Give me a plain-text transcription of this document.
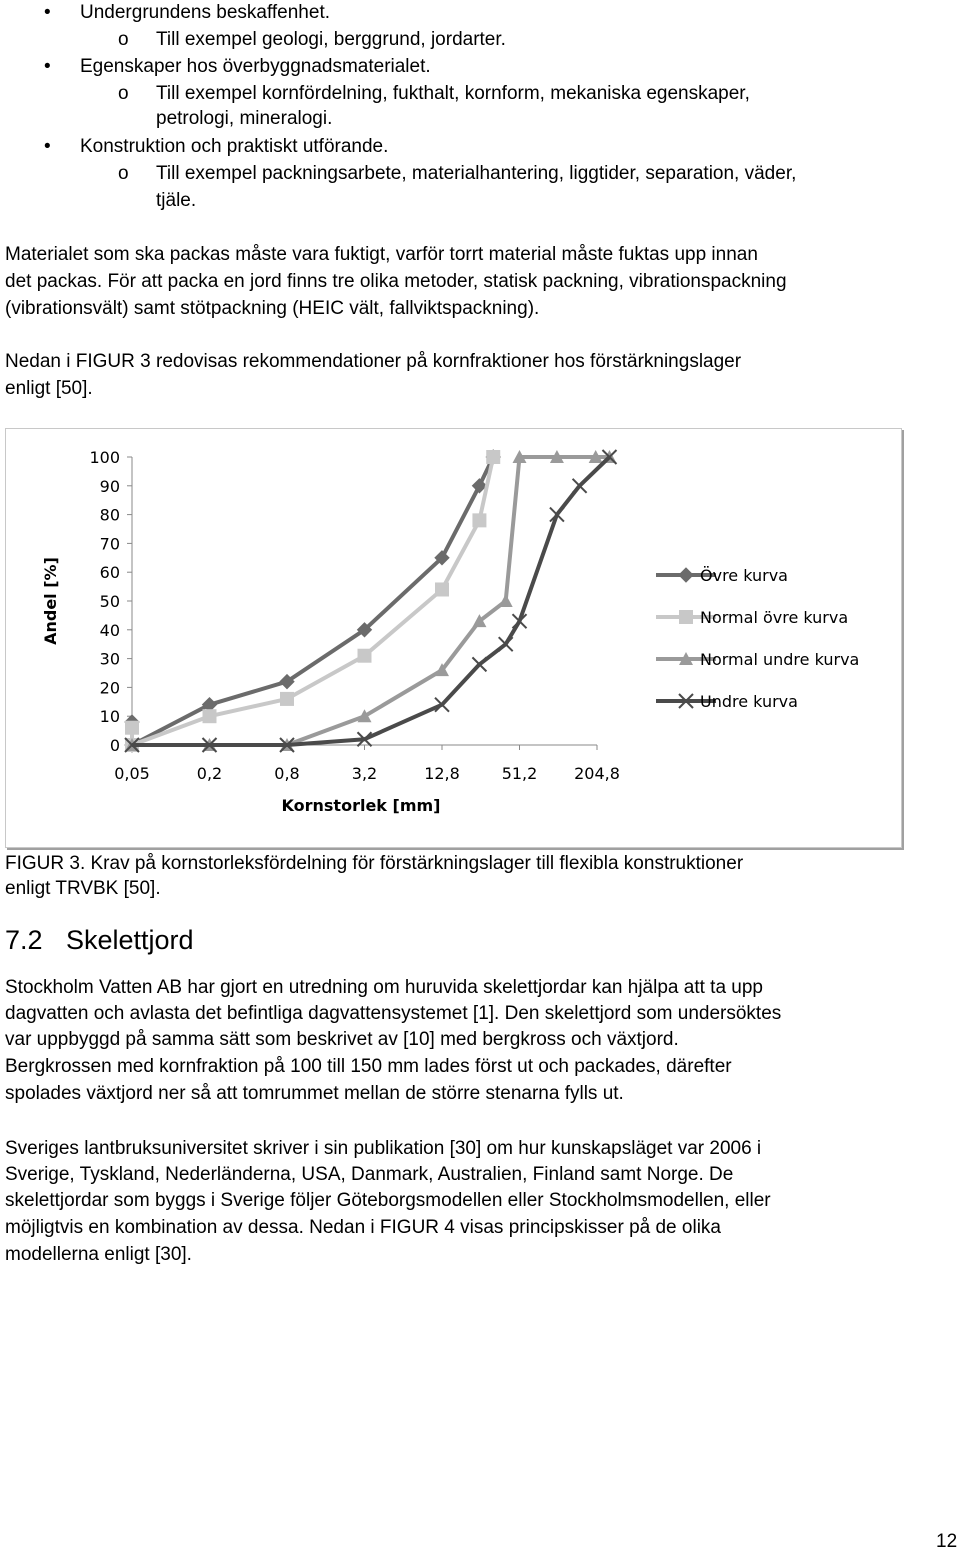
• Undergrundens beskaffenhet.
o Till exempel geologi, berggrund, jordarter.
• Egenskaper hos överbyggnadsmaterialet.
o Till exempel kornfördelning, fukthalt, kornform, mekaniska egenskaper,
petrologi, mineralogi.
• Konstruktion och praktiskt utförande.
o Till exempel packningsarbete, materialhantering, liggtider, separation, väder,
tjäle.
Materialet som ska packas måste vara fuktigt, varför torrt material måste fuktas upp innan
det packas. För att packa en jord finns tre olika metoder, statisk packning, vibrationspackning
(vibrationsvält) samt stötpackning (HEIC vält, fallviktspackning).
Nedan i FIGUR 3 redovisas rekommendationer på kornfraktioner hos förstärkningslager
enligt [50].
0
10
20
30
40
50
60
70
80
90
100
0,05	0,2	0,8	3,2	12,8	51,2 204,8
Kornstorlek [mm]
Andel [%]	Övre kurva
Normal övre kurva
Normal undre kurva
Undre kurva
FIGUR 3. Krav på kornstorleksfördelning för förstärkningslager till flexibla konstruktioner
enligt TRVBK [50].
7.2 Skelettjord
Stockholm Vatten AB har gjort en utredning om huruvida skelettjordar kan hjälpa att ta upp
dagvatten och avlasta det befintliga dagvattensystemet [1]. Den skelettjord som undersöktes
var uppbyggd på samma sätt som beskrivet av [10] med bergkross och växtjord.
Bergkrossen med kornfraktion på 100 till 150 mm lades först ut och packades, därefter
spolades växtjord ner så att tomrummet mellan de större stenarna fylls ut.
Sveriges lantbruksuniversitet skriver i sin publikation [30] om hur kunskapsläget var 2006 i
Sverige, Tyskland, Nederländerna, USA, Danmark, Australien, Finland samt Norge. De
skelettjordar som byggs i Sverige följer Göteborgsmodellen eller Stockholmsmodellen, eller
möjligtvis en kombination av dessa. Nedan i FIGUR 4 visas principskisser på de olika
modellerna enligt [30].
12
